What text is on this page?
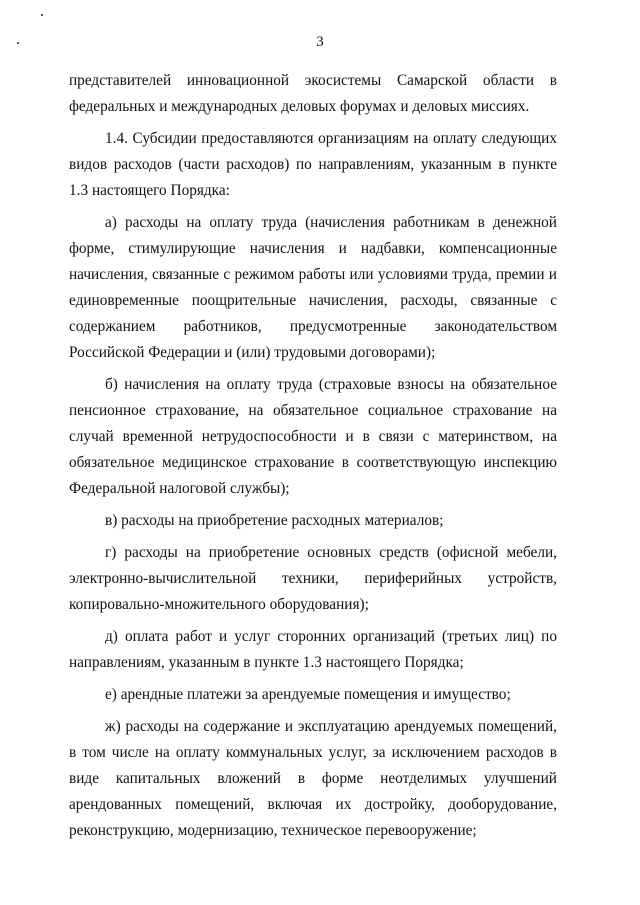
3

представителей инновационной экосистемы Самарской области в федеральных и международных деловых форумах и деловых миссиях.

1.4. Субсидии предоставляются организациям на оплату следующих видов расходов (части расходов) по направлениям, указанным в пункте 1.3 настоящего Порядка:

а) расходы на оплату труда (начисления работникам в денежной форме, стимулирующие начисления и надбавки, компенсационные начисления, связанные с режимом работы или условиями труда, премии и единовременные поощрительные начисления, расходы, связанные с содержанием работников, предусмотренные законодательством Российской Федерации и (или) трудовыми договорами);

б) начисления на оплату труда (страховые взносы на обязательное пенсионное страхование, на обязательное социальное страхование на случай временной нетрудоспособности и в связи с материнством, на обязательное медицинское страхование в соответствующую инспекцию Федеральной налоговой службы);

в) расходы на приобретение расходных материалов;

г) расходы на приобретение основных средств (офисной мебели, электронно-вычислительной техники, периферийных устройств, копировально-множительного оборудования);

д) оплата работ и услуг сторонних организаций (третьих лиц) по направлениям, указанным в пункте 1.3 настоящего Порядка;

е) арендные платежи за арендуемые помещения и имущество;

ж) расходы на содержание и эксплуатацию арендуемых помещений, в том числе на оплату коммунальных услуг, за исключением расходов в виде капитальных вложений в форме неотделимых улучшений арендованных помещений, включая их достройку, дооборудование, реконструкцию, модернизацию, техническое перевооружение;
